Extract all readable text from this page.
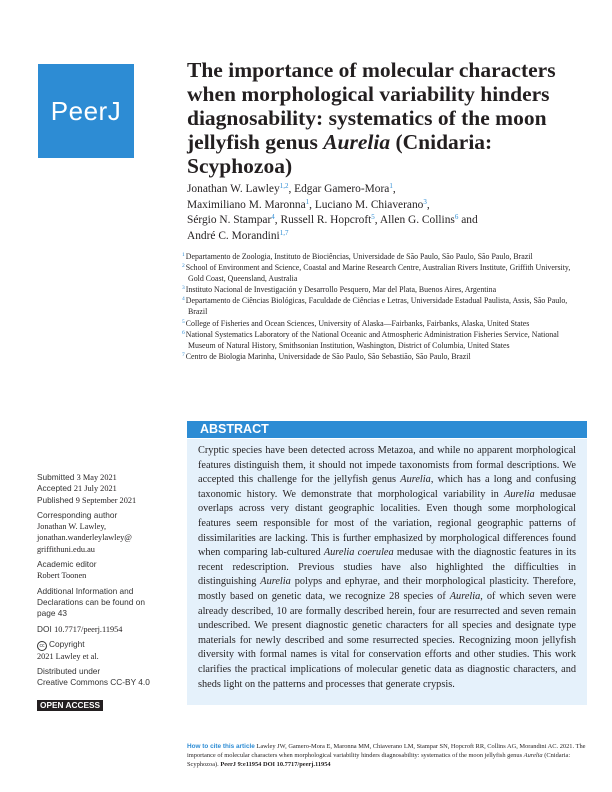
PeerJ
The importance of molecular characters when morphological variability hinders diagnosability: systematics of the moon jellyfish genus Aurelia (Cnidaria: Scyphozoa)

Jonathan W. Lawley$^{1,2}$, Edgar Gamero-Mora$^1$,
Maximiliano M. Maronna$^1$, Luciano M. Chiaverano$^3$,
Sérgio N. Stampar$^4$, Russell R. Hopcroft$^5$, Allen G. Collins$^6$ and
André C. Morandini$^{1,7}$

$^1$Departamento de Zoologia, Instituto de Biociências, Universidade de São Paulo, São Paulo, São Paulo, Brazil
$^2$School of Environment and Science, Coastal and Marine Research Centre, Australian Rivers Institute, Griffith University, Gold Coast, Queensland, Australia
$^3$Instituto Nacional de Investigación y Desarrollo Pesquero, Mar del Plata, Buenos Aires, Argentina
$^4$Departamento de Ciências Biológicas, Faculdade de Ciências e Letras, Universidade Estadual Paulista, Assis, São Paulo, Brazil
$^5$College of Fisheries and Ocean Sciences, University of Alaska—Fairbanks, Fairbanks, Alaska, United States
$^6$National Systematics Laboratory of the National Oceanic and Atmospheric Administration Fisheries Service, National Museum of Natural History, Smithsonian Institution, Washington, District of Columbia, United States
$^7$Centro de Biologia Marinha, Universidade de São Paulo, São Sebastião, São Paulo, Brazil
ABSTRACT

Cryptic species have been detected across Metazoa, and while no apparent morphological features distinguish them, it should not impede taxonomists from formal descriptions. We accepted this challenge for the jellyfish genus Aurelia, which has a long and confusing taxonomic history. We demonstrate that morphological variability in Aurelia medusae overlaps across very distant geographic localities. Even though some morphological features seem responsible for most of the variation, regional geographic patterns of dissimilarities are lacking. This is further emphasized by morphological differences found when comparing lab-cultured Aurelia coerulea medusae with the diagnostic features in its recent redescription. Previous studies have also highlighted the difficulties in distinguishing Aurelia polyps and ephyrae, and their morphological plasticity. Therefore, mostly based on genetic data, we recognize 28 species of Aurelia, of which seven were already described, 10 are formally described herein, four are resurrected and seven remain undescribed. We present diagnostic genetic characters for all species and designate type materials for newly described and some resurrected species. Recognizing moon jellyfish diversity with formal names is vital for conservation efforts and other studies. This work clarifies the practical implications of molecular genetic data as diagnostic characters, and sheds light on the patterns and processes that generate crypsis.

Submitted 3 May 2021

Accepted 21 July 2021

Published 9 September 2021

Corresponding author

Jonathan W. Lawley,

jonathan.wanderleylawley@
griffithuni.edu.au

Academic editor

Robert Toonen

Additional Information and
Declarations can be found on
page 43

DOI 10.7717/peerj.11954

cc Copyright

2021 Lawley et al.

Distributed under

Creative Commons CC-BY 4.0

OPEN ACCESS

How to cite this article Lawley JW, Gamero-Mora E, Maronna MM, Chiaverano LM, Stampar SN, Hopcroft RR, Collins AG, Morandini AC. 2021. The importance of molecular characters when morphological variability hinders diagnosability: systematics of the moon jellyfish genus Aurelia (Cnidaria: Scyphozoa). PeerJ 9:e11954 DOI 10.7717/peerj.11954
